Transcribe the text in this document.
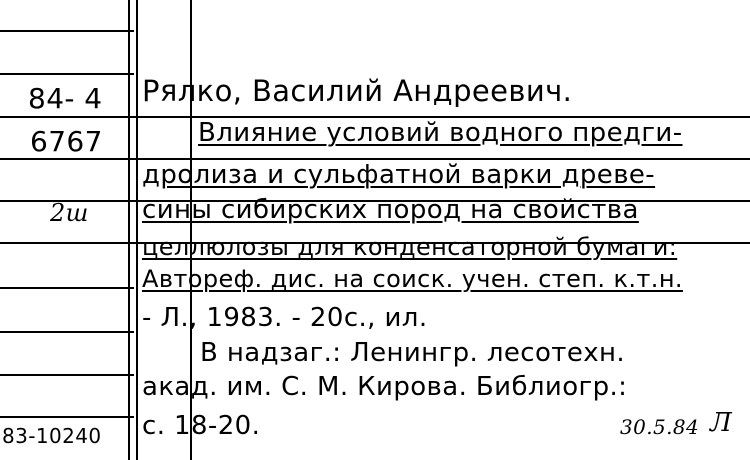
84- 4
6767
2ш
83-10240
Рялко, Василий Андреевич.
Влияние условий водного предги-
дролиза и сульфатной варки древе-
сины сибирских пород на свойства
целлюлозы для конденсаторной бумаги:
Автореф. дис. на соиск. учен. степ. к.т.н.
- Л., 1983. - 20с., ил.
В надзаг.: Ленингр. лесотехн.
акад. им. С. М. Кирова. Библиогр.:
с. 18-20.	30.5.84 Л
